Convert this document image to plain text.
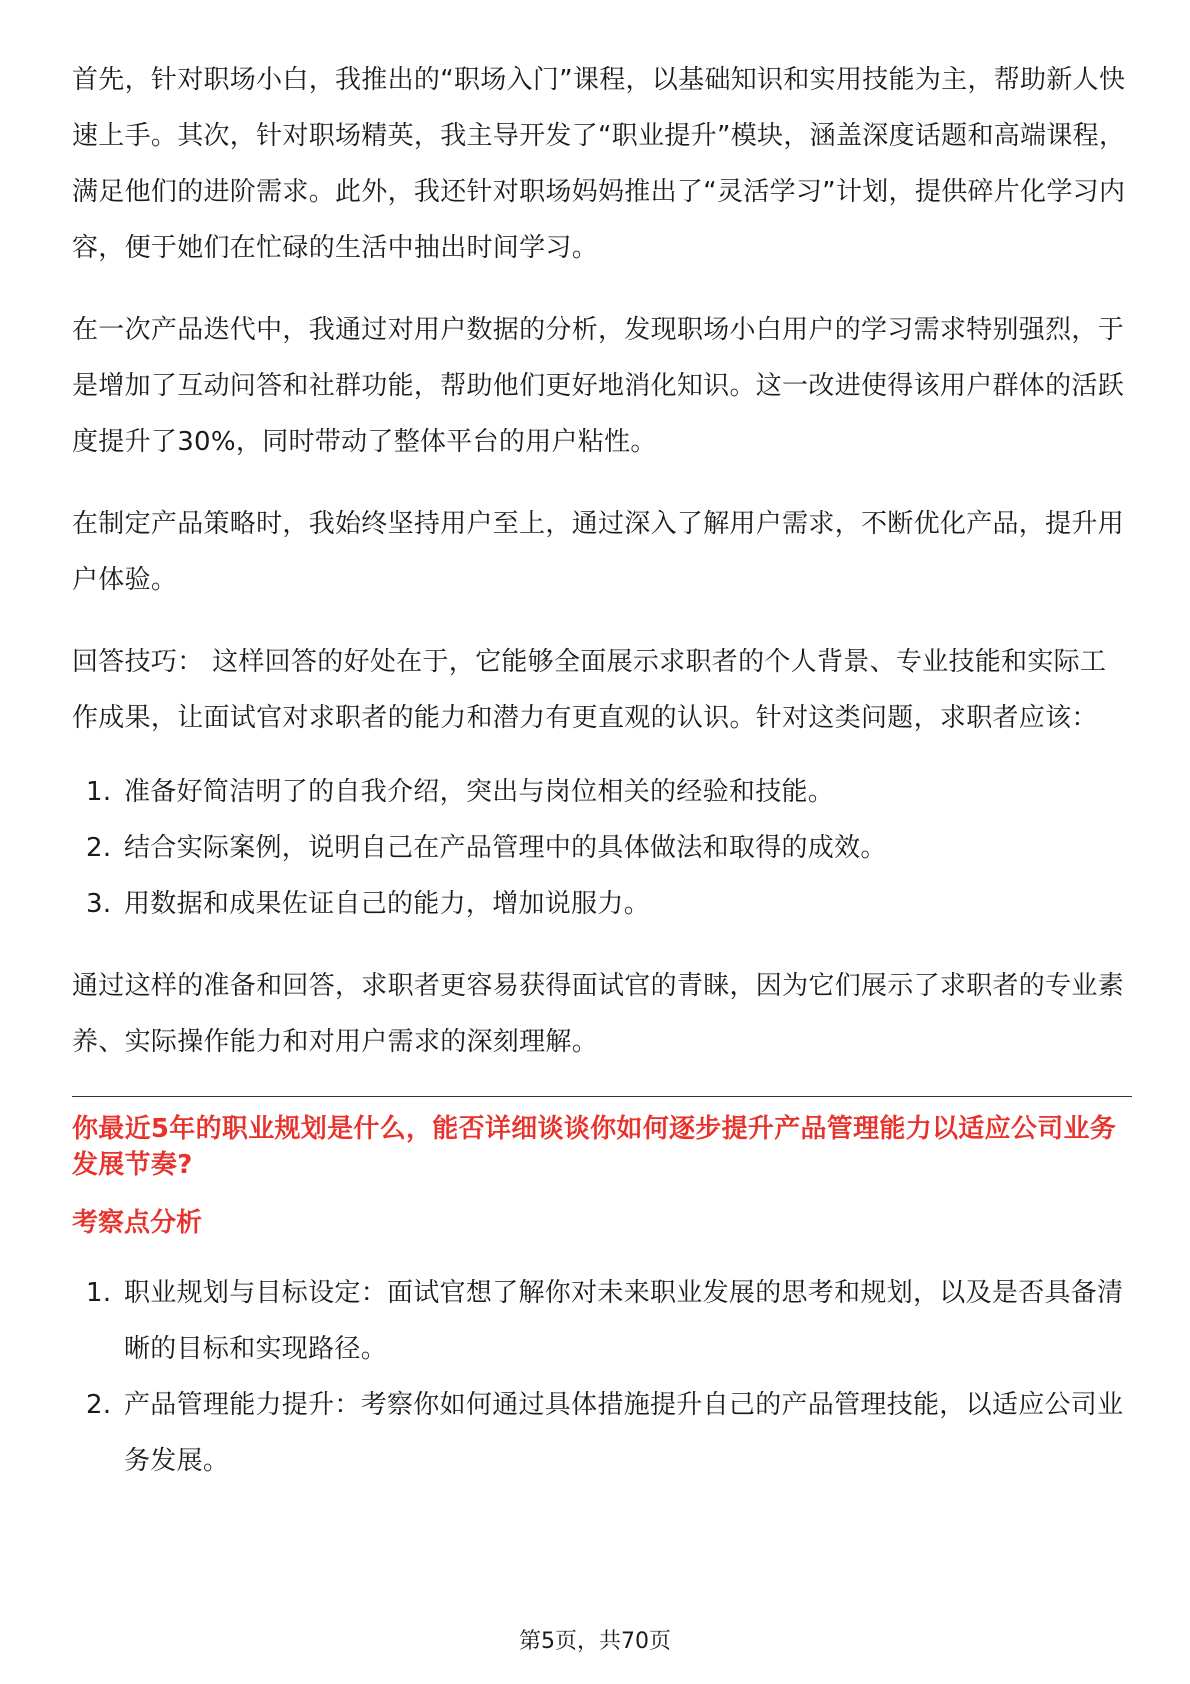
首先，针对职场小白，我推出的“职场入门”课程，以基础知识和实用技能为主，帮助新人快速上手。其次，针对职场精英，我主导开发了“职业提升”模块，涵盖深度话题和高端课程，满足他们的进阶需求。此外，我还针对职场妈妈推出了“灵活学习”计划，提供碎片化学习内容，便于她们在忙碌的生活中抽出时间学习。

在一次产品迭代中，我通过对用户数据的分析，发现职场小白用户的学习需求特别强烈，于是增加了互动问答和社群功能，帮助他们更好地消化知识。这一改进使得该用户群体的活跃度提升了30%，同时带动了整体平台的用户粘性。

在制定产品策略时，我始终坚持用户至上，通过深入了解用户需求，不断优化产品，提升用户体验。

回答技巧： 这样回答的好处在于，它能够全面展示求职者的个人背景、专业技能和实际工作成果，让面试官对求职者的能力和潜力有更直观的认识。针对这类问题，求职者应该：

1. 准备好简洁明了的自我介绍，突出与岗位相关的经验和技能。
2. 结合实际案例，说明自己在产品管理中的具体做法和取得的成效。
3. 用数据和成果佐证自己的能力，增加说服力。

通过这样的准备和回答，求职者更容易获得面试官的青睐，因为它们展示了求职者的专业素养、实际操作能力和对用户需求的深刻理解。

你最近5年的职业规划是什么，能否详细谈谈你如何逐步提升产品管理能力以适应公司业务发展节奏?
考察点分析
1. 职业规划与目标设定：面试官想了解你对未来职业发展的思考和规划，以及是否具备清晰的目标和实现路径。
2. 产品管理能力提升：考察你如何通过具体措施提升自己的产品管理技能，以适应公司业务发展。
第5页，共70页
